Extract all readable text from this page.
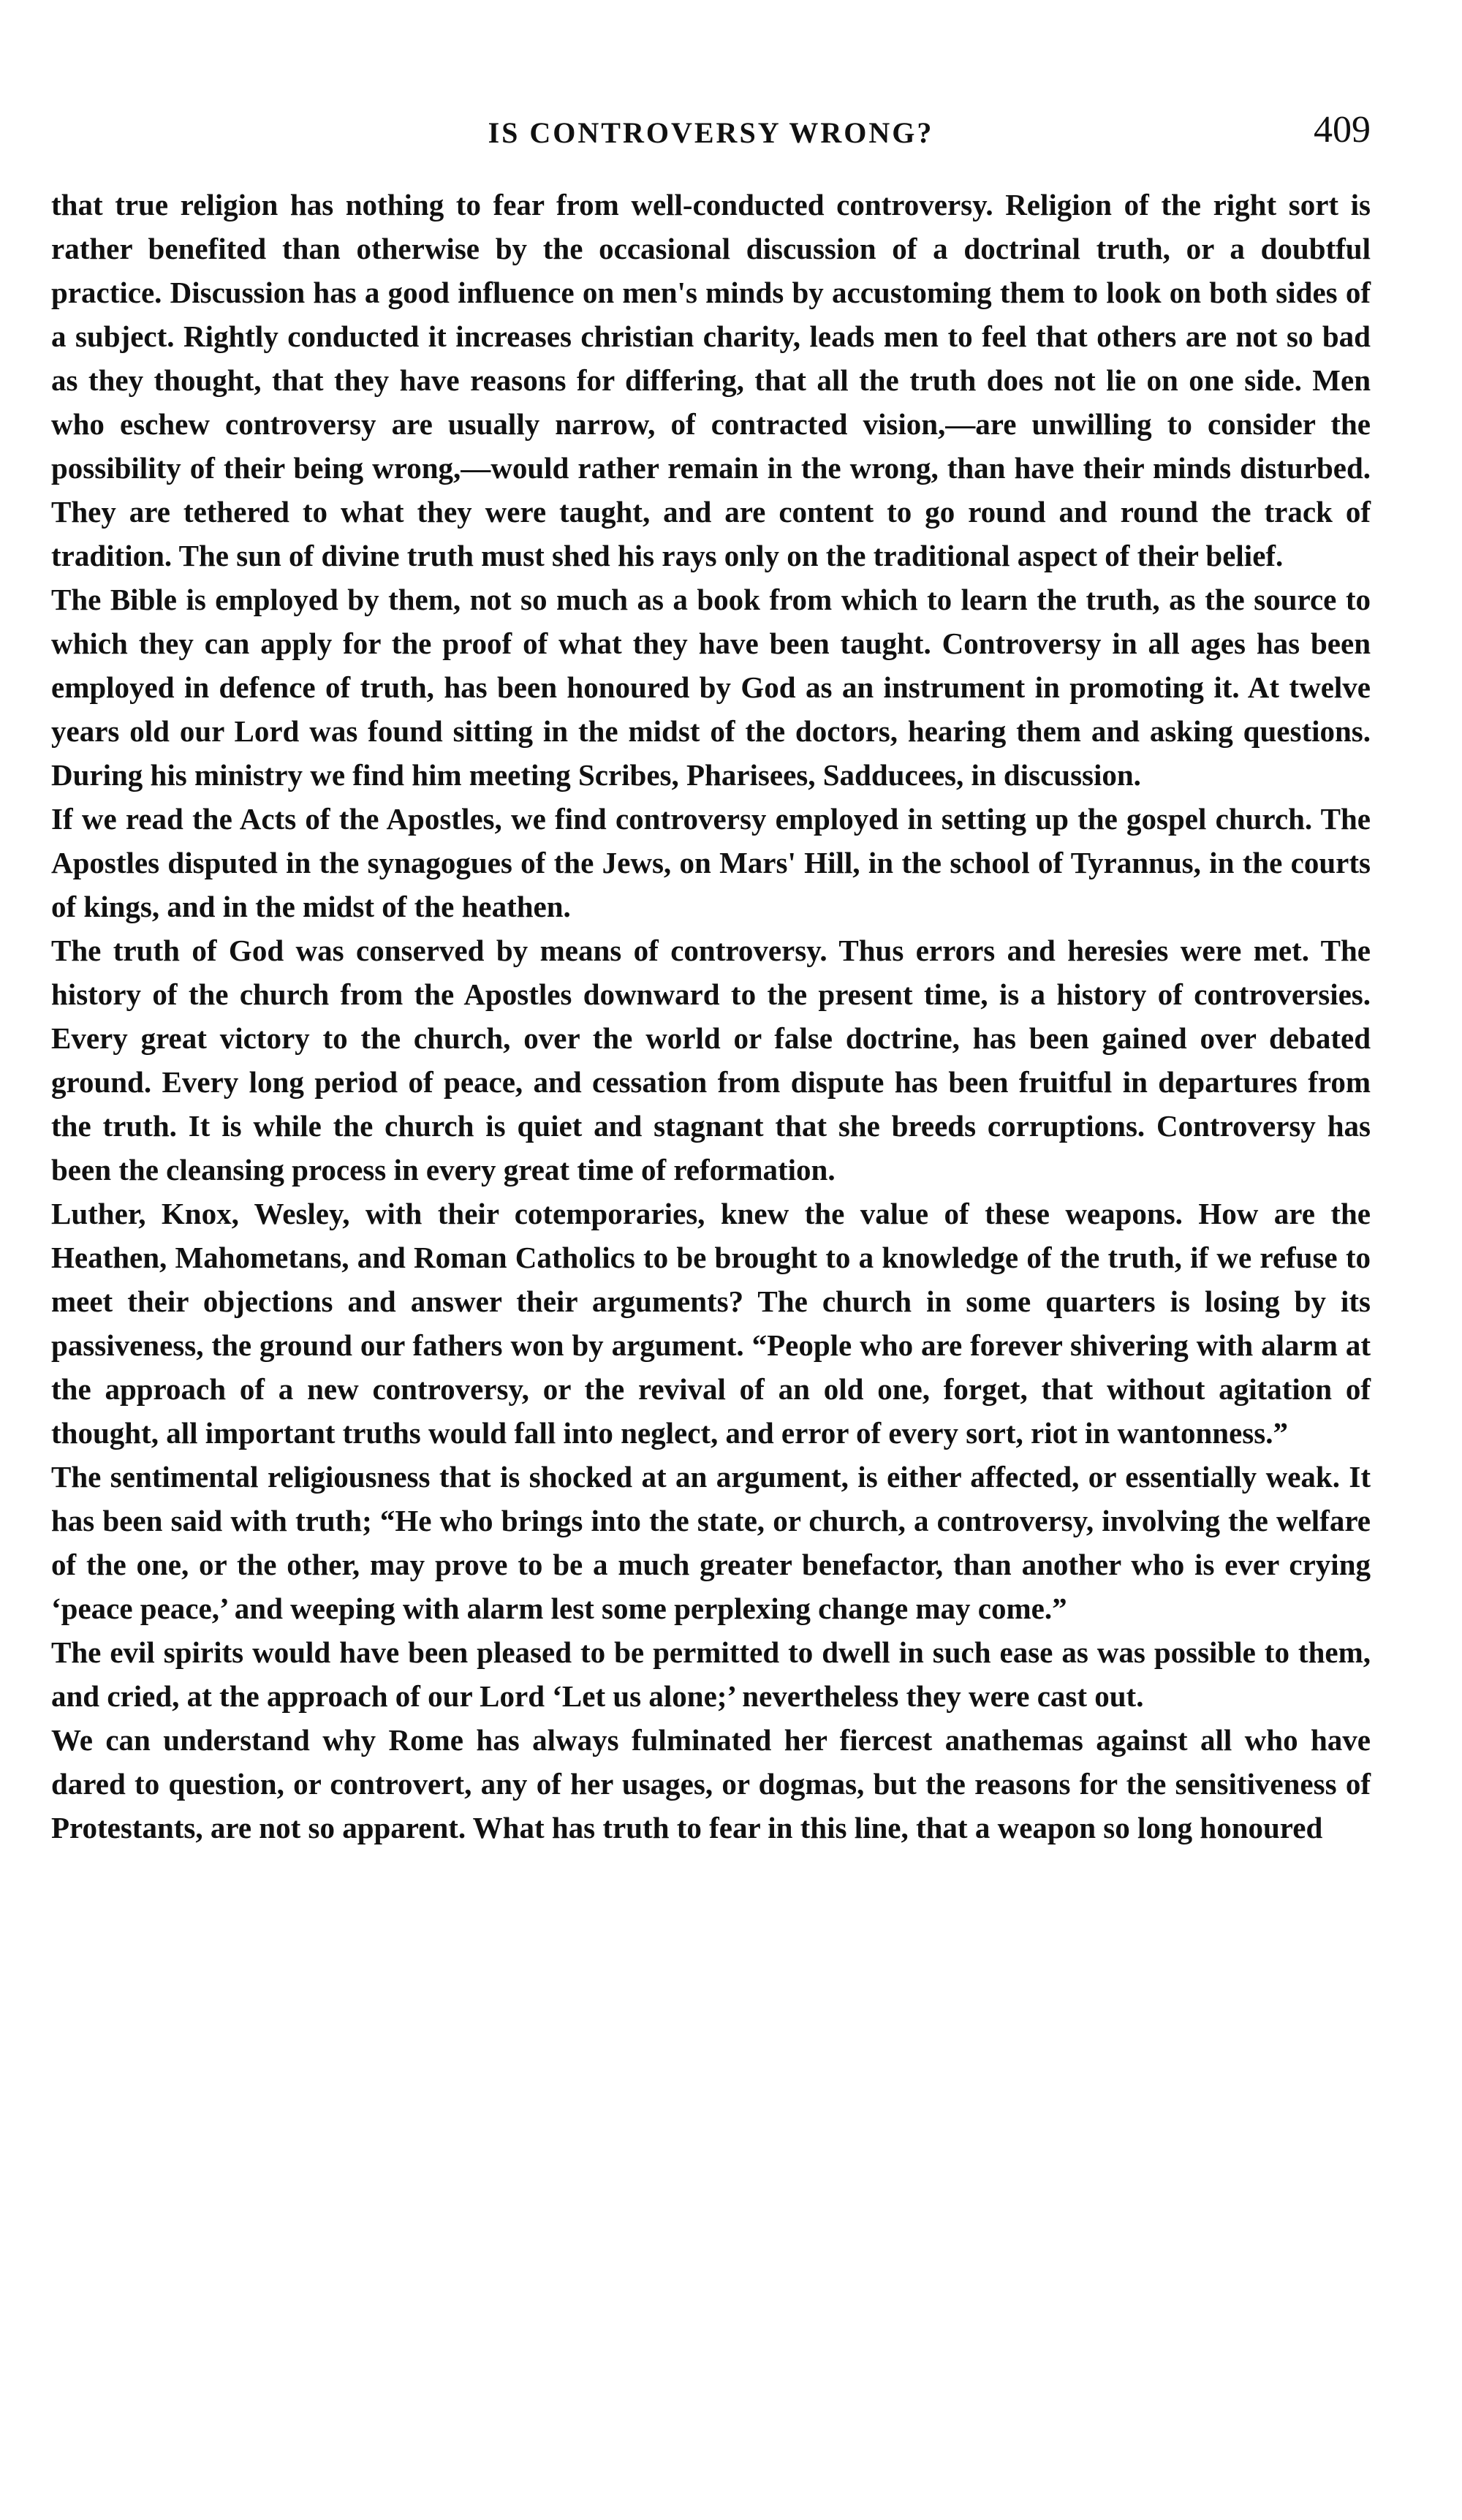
IS CONTROVERSY WRONG?	409

that true religion has nothing to fear from well-conducted controversy. Religion of the right sort is rather benefited than otherwise by the occasional discussion of a doctrinal truth, or a doubtful practice. Discussion has a good influence on men's minds by accustoming them to look on both sides of a subject. Rightly conducted it increases christian charity, leads men to feel that others are not so bad as they thought, that they have reasons for differing, that all the truth does not lie on one side. Men who eschew controversy are usually narrow, of contracted vision,—are unwilling to consider the possibility of their being wrong,—would rather remain in the wrong, than have their minds disturbed. They are tethered to what they were taught, and are content to go round and round the track of tradition. The sun of divine truth must shed his rays only on the traditional aspect of their belief.

The Bible is employed by them, not so much as a book from which to learn the truth, as the source to which they can apply for the proof of what they have been taught. Controversy in all ages has been employed in defence of truth, has been honoured by God as an instrument in promoting it. At twelve years old our Lord was found sitting in the midst of the doctors, hearing them and asking questions. During his ministry we find him meeting Scribes, Pharisees, Sadducees, in discussion.

If we read the Acts of the Apostles, we find controversy employed in setting up the gospel church. The Apostles disputed in the synagogues of the Jews, on Mars' Hill, in the school of Tyrannus, in the courts of kings, and in the midst of the heathen.

The truth of God was conserved by means of controversy. Thus errors and heresies were met. The history of the church from the Apostles downward to the present time, is a history of controversies. Every great victory to the church, over the world or false doctrine, has been gained over debated ground. Every long period of peace, and cessation from dispute has been fruitful in departures from the truth. It is while the church is quiet and stagnant that she breeds corruptions. Controversy has been the cleansing process in every great time of reformation.

Luther, Knox, Wesley, with their cotemporaries, knew the value of these weapons. How are the Heathen, Mahometans, and Roman Catholics to be brought to a knowledge of the truth, if we refuse to meet their objections and answer their arguments? The church in some quarters is losing by its passiveness, the ground our fathers won by argument. “People who are forever shivering with alarm at the approach of a new controversy, or the revival of an old one, forget, that without agitation of thought, all important truths would fall into neglect, and error of every sort, riot in wantonness.”

The sentimental religiousness that is shocked at an argument, is either affected, or essentially weak. It has been said with truth; “He who brings into the state, or church, a controversy, involving the welfare of the one, or the other, may prove to be a much greater benefactor, than another who is ever crying ‘peace peace,’ and weeping with alarm lest some perplexing change may come.”

The evil spirits would have been pleased to be permitted to dwell in such ease as was possible to them, and cried, at the approach of our Lord ‘Let us alone;’ nevertheless they were cast out.

We can understand why Rome has always fulminated her fiercest anathemas against all who have dared to question, or controvert, any of her usages, or dogmas, but the reasons for the sensitiveness of Protestants, are not so apparent. What has truth to fear in this line, that a weapon so long honoured
